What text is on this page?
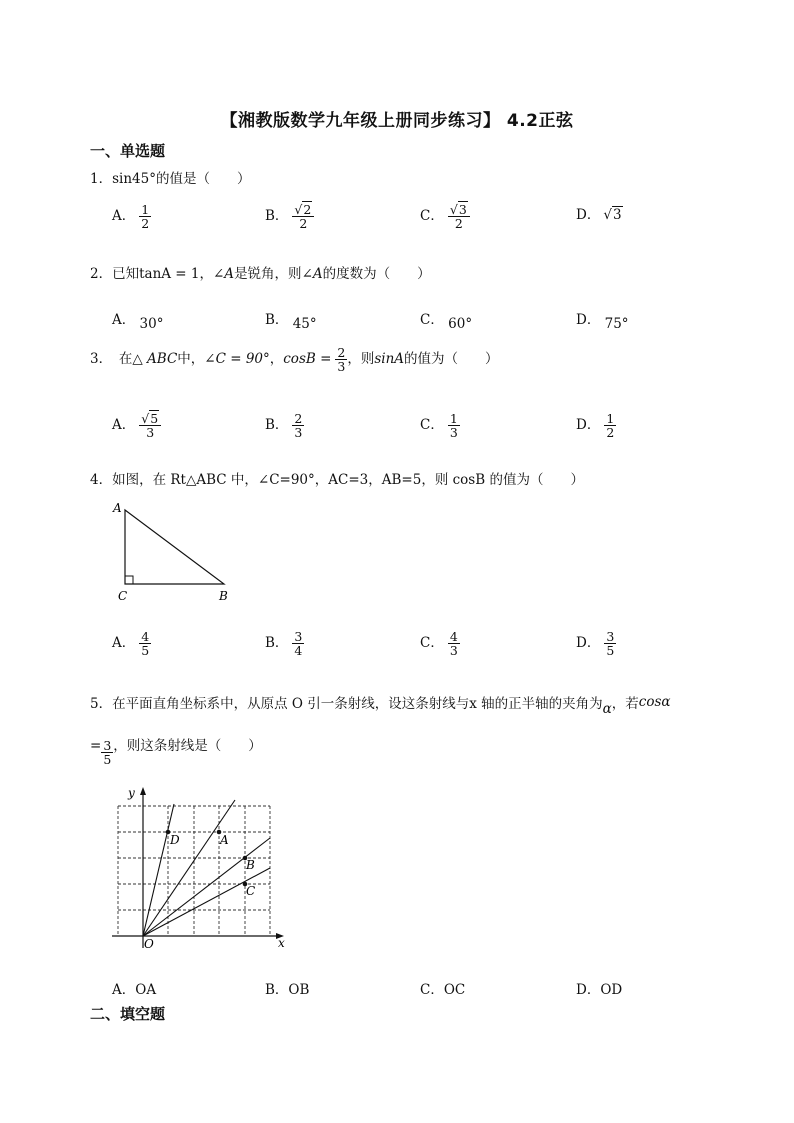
【湘教版数学九年级上册同步练习】 4.2正弦
一、单选题
1．sin45°的值是（　　）
A． $\frac{1}{2}$	B． $\frac{√2}{2}$	C． $\frac{√3}{2}$	D． √3
2．已知tanA = 1，∠A是锐角，则∠A的度数为（　　）
A． 30°	B． 45°	C． 60°	D． 75°
3．　在△ ABC中，∠C = 90°，$\cos B = \frac{2}{3}$ ，则sinA的值为（　　）
A． $\frac{√5}{3}$	B． $\frac{2}{3}$	C． $\frac{1}{3}$	D． $\frac{1}{2}$
4．如图，在 Rt△ABC 中，∠C=90°，AC=3，AB=5，则 cosB 的值为（　　）
A
C	B
A． $\frac{4}{5}$	B． $\frac{3}{4}$	C． $\frac{4}{3}$	D． $\frac{3}{5}$
5．在平面直角坐标系中，从原点 O 引一条射线，设这条射线与x 轴的正半轴的夹角为α，若cosα
= $\frac{3}{5}$ ，则这条射线是（　　）
y
x
O
D	A
B
C
A．OA	B．OB	C．OC	D．OD
二、填空题
